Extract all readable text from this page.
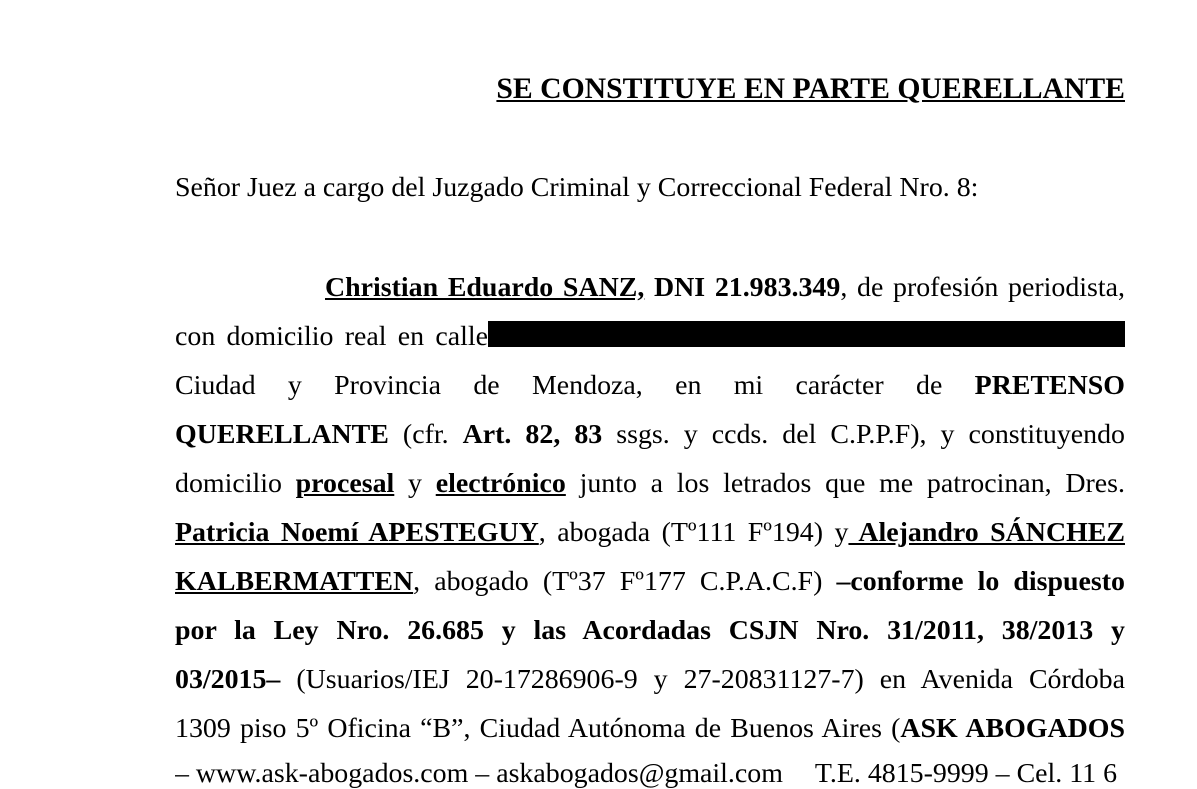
SE CONSTITUYE EN PARTE QUERELLANTE
Señor Juez a cargo del Juzgado Criminal y Correccional Federal Nro. 8:
Christian Eduardo SANZ, DNI 21.983.349, de profesión periodista,
con domicilio real en calle
Ciudad y Provincia de Mendoza, en mi carácter de PRETENSO
QUERELLANTE (cfr. Art. 82, 83 ssgs. y ccds. del C.P.P.F), y constituyendo
domicilio procesal y electrónico junto a los letrados que me patrocinan, Dres.
Patricia Noemí APESTEGUY, abogada (Tº111 Fº194) y Alejandro SÁNCHEZ
KALBERMATTEN, abogado (Tº37 Fº177 C.P.A.C.F) –conforme lo dispuesto
por la Ley Nro. 26.685 y las Acordadas CSJN Nro. 31/2011, 38/2013 y
03/2015– (Usuarios/IEJ 20-17286906-9 y 27-20831127-7) en Avenida Córdoba
1309 piso 5º Oficina “B”, Ciudad Autónoma de Buenos Aires (ASK ABOGADOS
– www.ask-abogados.com – askabogados@gmail.com T.E. 4815-9999 – Cel. 11 6
